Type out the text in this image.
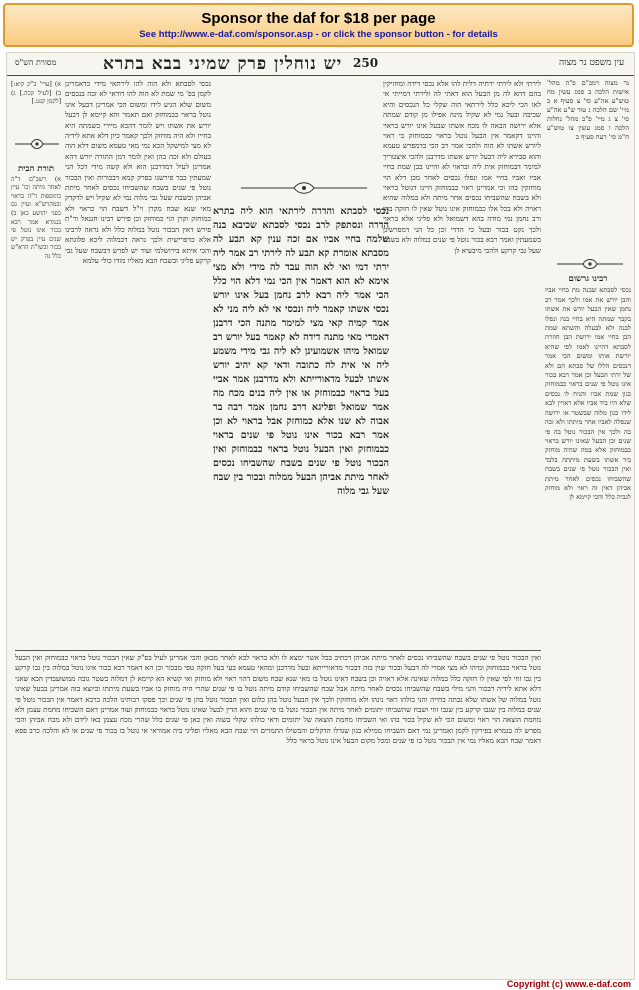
Sponsor the daf for $18 per page
See http://www.e-daf.com/sponsor.asp - or click the sponsor button - for details
250
יש נוחלין פרק שמיני בבא בתרא	עין משפט נר מצוה
מסורת הש"ס
נר מצוה רמב"ם פ"ה מהל' אישות הלכה ב סמג עשין מח טוש"ע אה"ע סי' צ סעיף א ב מיי' שם הלכה ג טור ש"ע אה"ע סי' צ ג מיי' פ"ב מהל' נחלות הלכה ו סמג עשין צו טוש"ע ח"מ סי' רעח סעיף ב
רבינו גרשום
נכסי לסבתא שבנה מת בחיי אביו והבן יורש את אמו ולכך אמר רב נחמן שאין הבעל יורש את אשתו בקבר שמתה היא בחיי בנה ונפלו לבנה ולא לבעלה והשתא שמת הבן בחיי אמו ירושת הבן חוזרת לסבתא דהיינו לאמו לפי שהיא יורשת אותו ומשום הכי אמר דנכסים הללו של סבתא הם ולא של ירתי הבעל וכן אמר רבא בכור אינו נוטל פי שנים בראוי כבמוחזק כגון שמת אביו והניח לו נכסים שלא היו ביד אביו אלא ראויין לבא לידו כגון מלוה שבשטר או ירושה שנפלה לאביו אחר מיתתו ולא זכה בה ולכך אין הבכור נוטל בה פי שנים וכן הבעל שאינו יורש בראוי כבמוחזק אלא במה שהיה מוחזק ביד אשתו בשעת מיתתה בלבד ואין הבכור נוטל פי שנים בשבח שהשביחו נכסים לאחר מיתת אביהן דאין זה ראוי ולא מוחזק לגביה כלל והכי קיימא לן
לירתי ולא לירתי ירתיה דלית להו אלא נכסי דידה ומחזיקין בהם דהא לה מן הבעל הוא דאתי לה ולירתי דמייתי אי לאו הכי ליכא כלל לירתאי הוה שקלי כל הנכסים והיא שכיבה ובעל נמי לא שקיל מינה אפילו מן קודם שמתה אלא ירושה הבאה לו מכח אשתו שבעל אינו יורש בראוי והיינו דקאמר אין הבעל נוטל בראוי כבמוחזק כי ראוי ליורש אשתו לא הוה ולהכי אמר רב הכי כדמפרש טעמא והוא סבירא ליה דבעל יורש אשתו מדרבנן ולהכי איצטריך למימר דבמוחזק אית ליה ובראוי לא והיינו בבן שמת בחיי אביו ואביו בחיי אמו ונפלו נכסים לאחר מכן דלא הוי מוחזקין בהו וכי אמרינן ראוי כבמוחזק היינו דנוטל בראוי ולא בשבח שהשביחו נכסים אחר מיתה ולא במלוה שהיא ראויה ולא בכל אלו כבמוחזק אינו נוטל שאין לו חזקה בהן ורב נחמן נמי מודה בהא דשמואל ולא פליגי אלא בראוי ולכך נקט בכור ובעל כי הדדי וכן כל הני דמפרשינן בשמעתין ואמר רבא בכור נוטל פי שנים במלוה ולא בשבח שעל גבי קרקע ולהכי מיבעיא לן
נכסי לסבתא והדרה לירתאי הוא ליה בתרא הדרה ונסתפק לרב נכסי לסבתא שכיבא בנה שלמה בחיי אביו אם זכה ענין קא תבע לה מסבתא אומרת קא תבע לה לירתי רב אמר ליה ירתי דמי ואי לא הוה עבד לה מידי ולא מצי אימא לא הוא דאמר אין הכי נמי דלא הוי כלל הכי אמר ליה רבא לרב נחמן בעל אינו יורש נכסי אשתו קאמר ליה ונכסי אי לא ליה מני לא אמר קמיה קאי מצי למימר מתנה הכי דרבנן דאמרי מאי מתנה דידה לא קאמר בעל יורש רב שמואל מיהו אשמועינן לא ליה גבי מידי משמע ליה אי אית לה כתובה ודאי קא יהיב יורש אשתו לבעל מדאורייתא ולא מדרבנן אמר אביי בעל בראוי כבמוחזק או אין ליה בנים מכח מה אמר שמואל ופליגא דרב נחמן אמר רבה בר אבוה לא שנו אלא כמוחזק אבל בראוי לא וכן אמר רבא בכור אינו נוטל פי שנים בראוי כבמוחזק ואין הבעל נוטל בראוי כבמוחזק ואין הבכור נוטל פי שנים בשבח שהשביחו נכסים לאחר מיתת אביהן הבעל ממלוה ובכור בין שבח שעל גבי מלוה
נכסי לסבתא ולא הוה להו לירתאי מידי כדאמרינן לקמן בפ' מי שמת לא הוה להו דודאי לא זכה בנכסים משום שלא הגיע לידו ומשום הכי אמרינן דבעל אינו נוטל בראוי כבמוחזק ואם תאמר והא קיימא לן דבעל יורש את אשתו ויש לומר דהכא מיירי כשמתה היא בחייו ולא היה מוחזק ולכך קאמר כיון דלא אתא לידיה לא מצי למישקל הכא נמי מאי טעמא משום דלא הוה בעולם ולא זכה בהן ואין לומר דמן התורה יורש דהא אמרינן לעיל דמדרבנן הוא ולא קשה מידי דכל הני שמעתין כבר פירשנו בפרק קמא דבכורות ואין הבכור נוטל פי שנים בשבח שהשביחו נכסים לאחר מיתת אביהן ובשבח שעל גבי מלוה נמי לא שקיל ויש לדקדק מאי שנא שבח מקרן וי"ל דשבח הוי כראוי ולא כמוחזק וקרן הוי כמוחזק וכן פירש רבינו חננאל ור"ת פירש דאין הבכור נוטל במלוה כלל ולא נראה לרבינו אלא כדפרישית ולכך נראה דבמלוה ליכא פלוגתא והכי איתא בירושלמי ועוד יש לפרש דבשבח שעל גבי קרקע פליגי ובשבח הבא מאליו מודו כולי עלמא
א) [ערי' ב"ק קיא:] ב) [לעיל קכה.] ג) [לקמן קנט.]
תורת הבית
א) רשב"ם ד"ה לאחר מיתה וכו' עיין בתוספות ד"ה בראוי ובמהרש"א ועיין גם בפני יהושע כאן ב) בגמרא אמר רבא בכור אינו נוטל פי שנים עיין בפרק יש בכור ובשו"ת הרא"ש כלל נה
ואין הבכור נוטל פי שנים בשבח שהשביחו נכסים לאחר מיתת אביהן דכתיב בכל אשר ימצא לו ולא בראוי לבא לאחר מכאן והכי אמרינן לעיל בפ"ק שאין הבכור נוטל בראוי כבמוחזק ואין הבעל נוטל בראוי כבמוחזק ומיהו לא מצי אמרי לה דבעל ובכור שוין בזה דבכור מדאורייתא ובעל מדרבנן ומהאי טעמא בעי בעל חזקה טפי מבכור וכן הא דאמר רבא בכור אינו נוטל במלוה בין גבו קרקע בין גבו זוזי לפי שאין לו חזקה כלל במלוה שאינה אלא ראויה וכן בשבח דאינו נוטל בו מאי שנא שבח משום דהוי ראוי ולא מוחזק ואי קשיא הא קיימא לן דמלוה בשטר גובה ממשועבדין הכא שאני דלא אתא לידיה דבכור והני מילי בשבח שהשביחו נכסים לאחר מיתה אבל שבח שהשביחו קודם מיתה נוטל בו פי שנים שהרי היה מוחזק בו אביו בשעת מיתתו וכיוצא בזה אמרינן בבעל שאינו נוטל במלוה של אשתו שלא גבתה בחייה והני כולהו ראוי נינהו ולא מוחזקין ולכך אין הבעל נוטל בהן כלום ואין הבכור נוטל בהן פי שנים וכך פסקו רבותינו הלכה כרבא דאמר אין הבכור נוטל פי שנים במלוה בין שגבו קרקע בין שגבו זוזי ושבח שהשביחו יתומים לאחר מיתה אין הבכור נוטל בו פי שנים והוא הדין לבעל שאינו נוטל בראוי כבמוחזק ועוד אמרינן דאם השביחו מחמת עצמן ולא מחמת הוצאה הוי ראוי ומשום הכי לא שקיל בכור בהו ואי השביחו מחמת הוצאה של יתומים ודאי כולהו שקלי בשוה ואין כאן פי שנים כלל שהרי מכח עצמן באו לידם ולא מכח אביהן והכי מפרש לה בגמרא בפירקין לקמן ואמרינן נמי דאם השביחו ממילא כגון שגדלו הדקלים והבשילו התמרים הוי שבח הבא מאליו ופליגי ביה אמוראי אי נוטל בו בכור פי שנים או לא והלכה כרב פפא דאמר שבח הבא מאליו נמי אין הבכור נוטל בו פי שנים ומכל מקום הבעל אינו נוטל בראוי כלל
Copyright (c) www.e-daf.com
